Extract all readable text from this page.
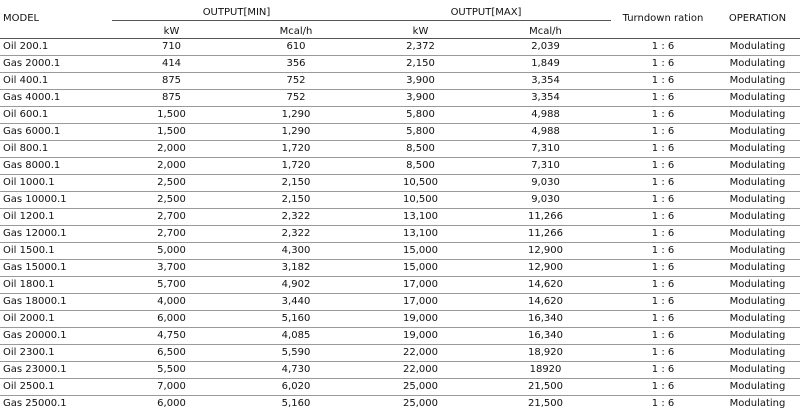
MODEL	OUTPUT[MIN]		OUTPUT[MAX]		Turndown ration	OPERATION
	kW	Mcal/h	kW	Mcal/h		
Oil 200.1	710	610	2,372	2,039	1 : 6	Modulating
Gas 2000.1	414	356	2,150	1,849	1 : 6	Modulating
Oil 400.1	875	752	3,900	3,354	1 : 6	Modulating
Gas 4000.1	875	752	3,900	3,354	1 : 6	Modulating
Oil 600.1	1,500	1,290	5,800	4,988	1 : 6	Modulating
Gas 6000.1	1,500	1,290	5,800	4,988	1 : 6	Modulating
Oil 800.1	2,000	1,720	8,500	7,310	1 : 6	Modulating
Gas 8000.1	2,000	1,720	8,500	7,310	1 : 6	Modulating
Oil 1000.1	2,500	2,150	10,500	9,030	1 : 6	Modulating
Gas 10000.1	2,500	2,150	10,500	9,030	1 : 6	Modulating
Oil 1200.1	2,700	2,322	13,100	11,266	1 : 6	Modulating
Gas 12000.1	2,700	2,322	13,100	11,266	1 : 6	Modulating
Oil 1500.1	5,000	4,300	15,000	12,900	1 : 6	Modulating
Gas 15000.1	3,700	3,182	15,000	12,900	1 : 6	Modulating
Oil 1800.1	5,700	4,902	17,000	14,620	1 : 6	Modulating
Gas 18000.1	4,000	3,440	17,000	14,620	1 : 6	Modulating
Oil 2000.1	6,000	5,160	19,000	16,340	1 : 6	Modulating
Gas 20000.1	4,750	4,085	19,000	16,340	1 : 6	Modulating
Oil 2300.1	6,500	5,590	22,000	18,920	1 : 6	Modulating
Gas 23000.1	5,500	4,730	22,000	18920	1 : 6	Modulating
Oil 2500.1	7,000	6,020	25,000	21,500	1 : 6	Modulating
Gas 25000.1	6,000	5,160	25,000	21,500	1 : 6	Modulating
